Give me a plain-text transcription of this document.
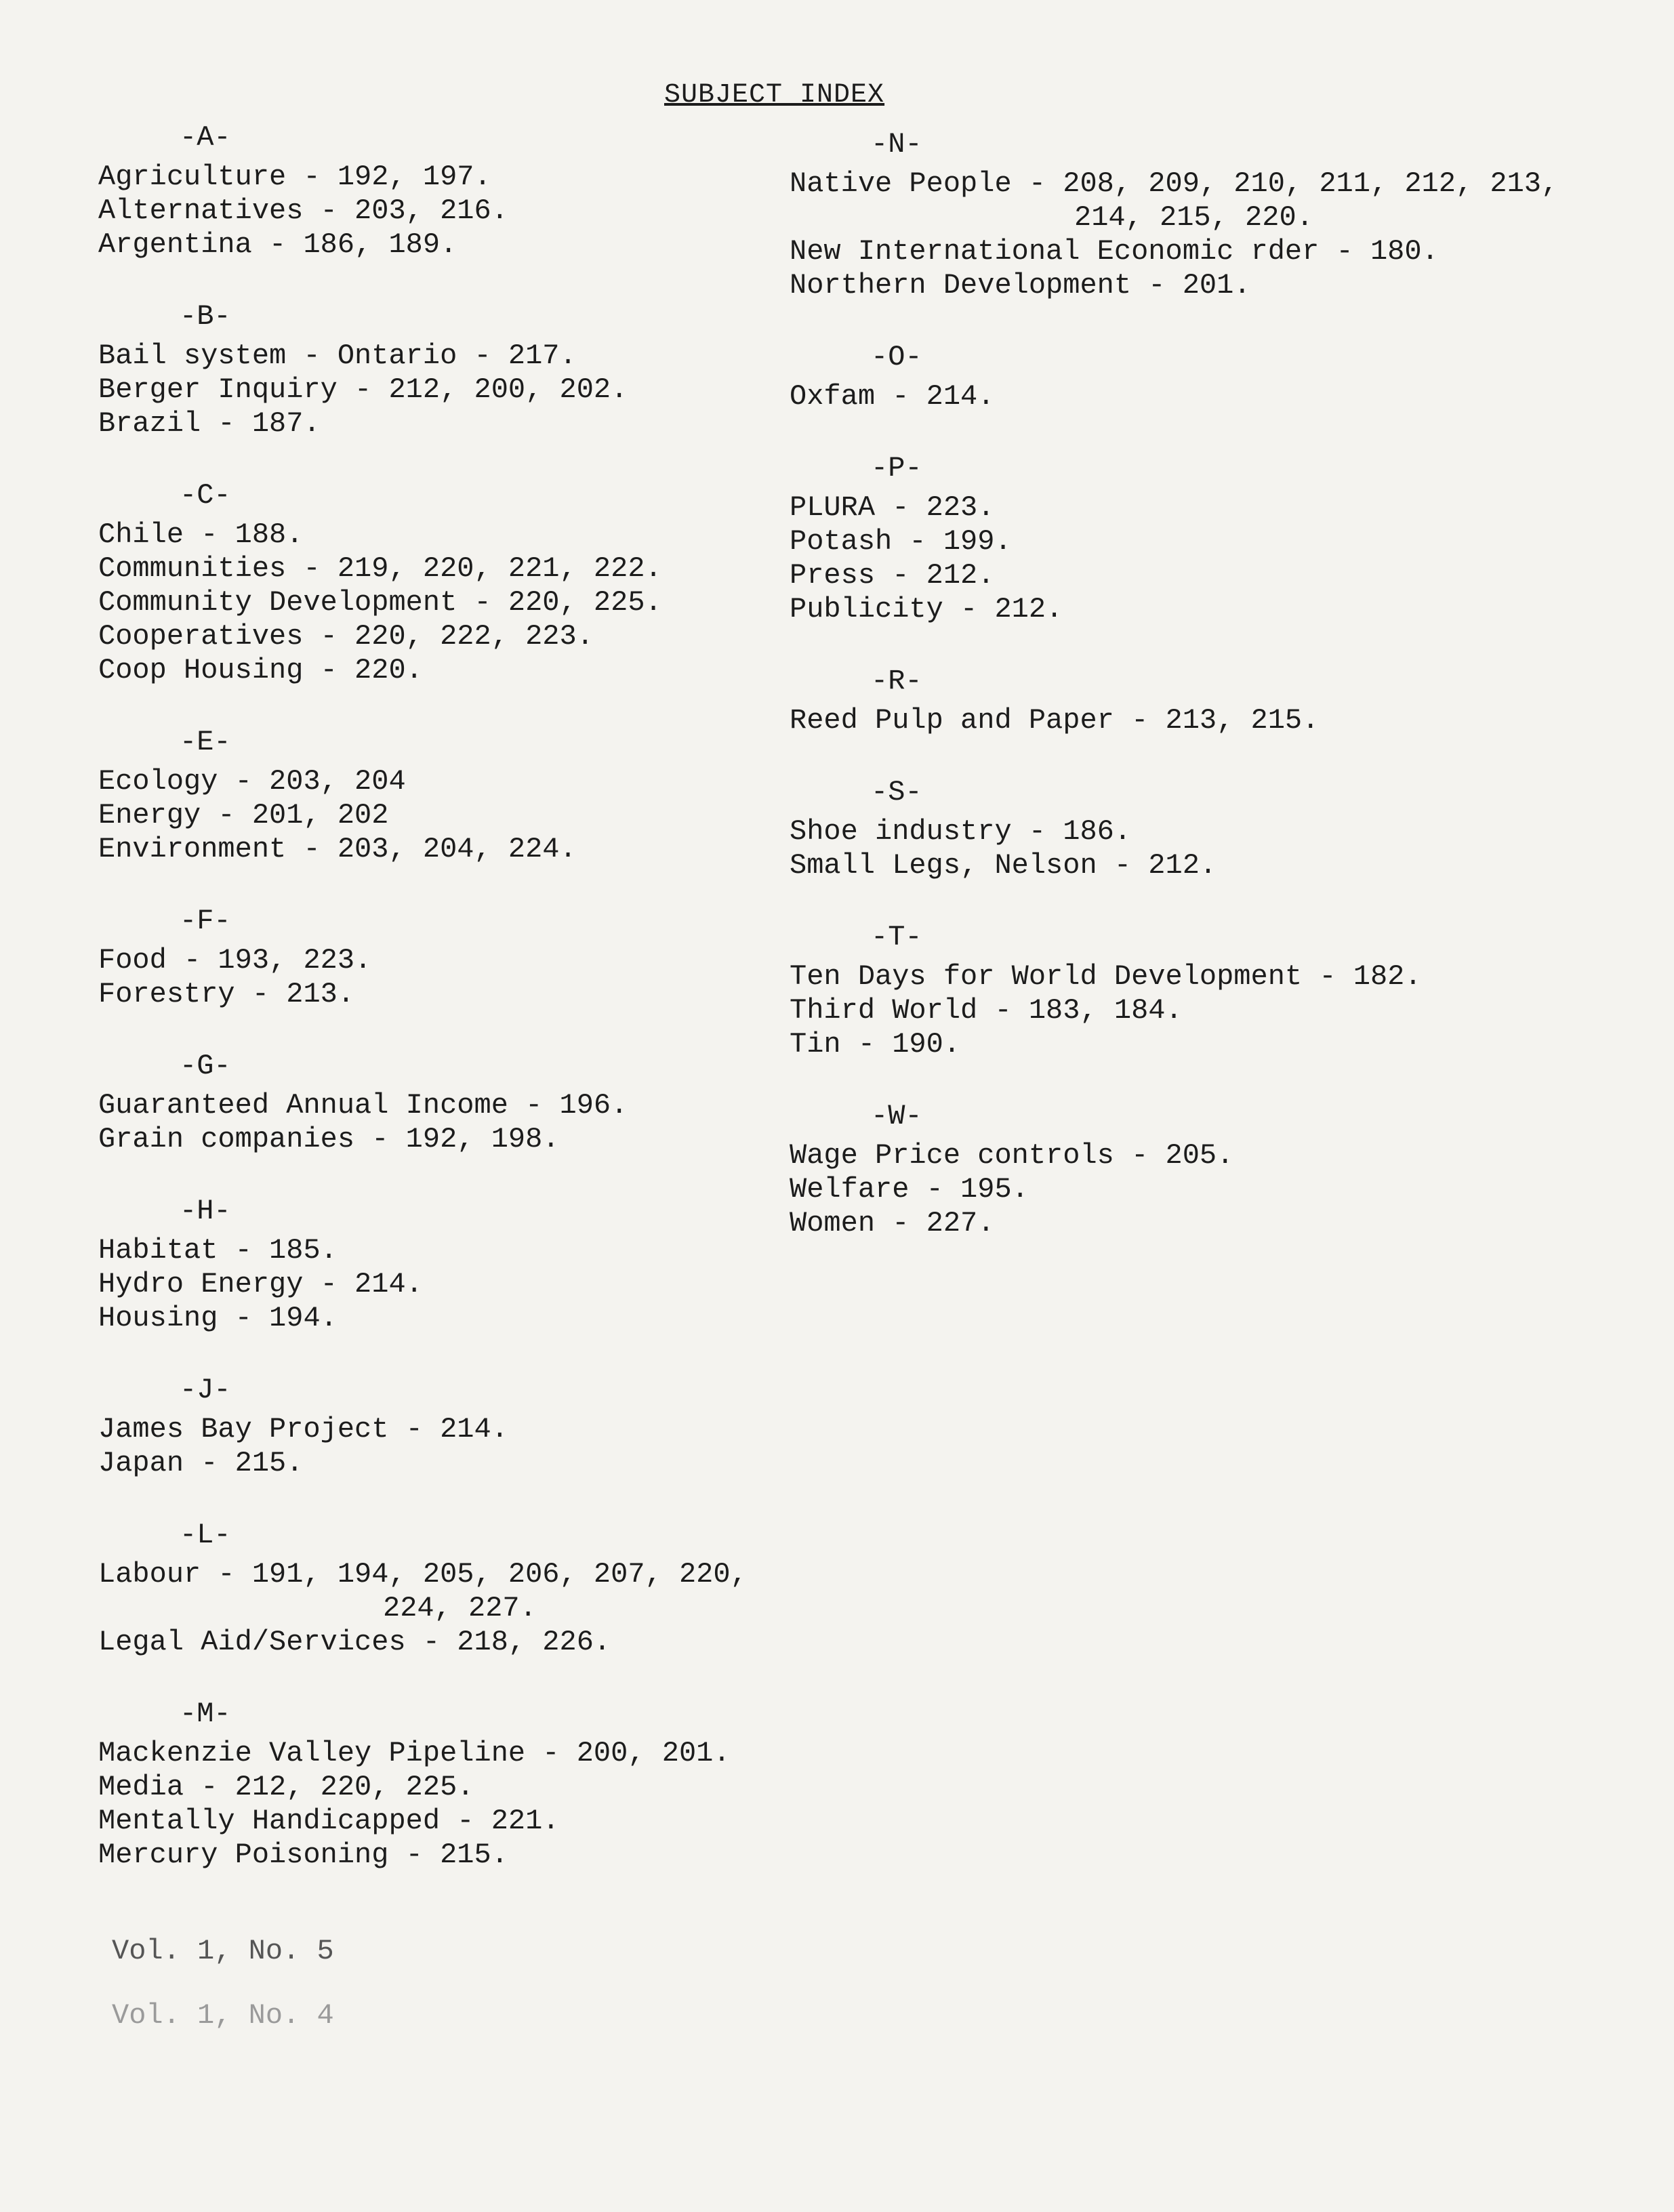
SUBJECT INDEX
-A-
Agriculture - 192, 197.
Alternatives - 203, 216.
Argentina - 186, 189.
-B-
Bail system - Ontario - 217.
Berger Inquiry - 212, 200, 202.
Brazil - 187.
-C-
Chile - 188.
Communities - 219, 220, 221, 222.
Community Development - 220, 225.
Cooperatives - 220, 222, 223.
Coop Housing - 220.
-E-
Ecology - 203, 204
Energy - 201, 202
Environment - 203, 204, 224.
-F-
Food - 193, 223.
Forestry - 213.
-G-
Guaranteed Annual Income - 196.
Grain companies - 192, 198.
-H-
Habitat - 185.
Hydro Energy - 214.
Housing - 194.
-J-
James Bay Project - 214.
Japan - 215.
-L-
Labour - 191, 194, 205, 206, 207, 220,
224, 227.
Legal Aid/Services - 218, 226.
-M-
Mackenzie Valley Pipeline - 200, 201.
Media - 212, 220, 225.
Mentally Handicapped - 221.
Mercury Poisoning - 215.
-N-
Native People - 208, 209, 210, 211, 212, 213,
214, 215, 220.
New International Economic rder - 180.
Northern Development - 201.
-O-
Oxfam - 214.
-P-
PLURA - 223.
Potash - 199.
Press - 212.
Publicity - 212.
-R-
Reed Pulp and Paper - 213, 215.
-S-
Shoe industry - 186.
Small Legs, Nelson - 212.
-T-
Ten Days for World Development - 182.
Third World - 183, 184.
Tin - 190.
-W-
Wage Price controls - 205.
Welfare - 195.
Women - 227.
Vol. 1, No. 5
Vol. 1, No. 4
